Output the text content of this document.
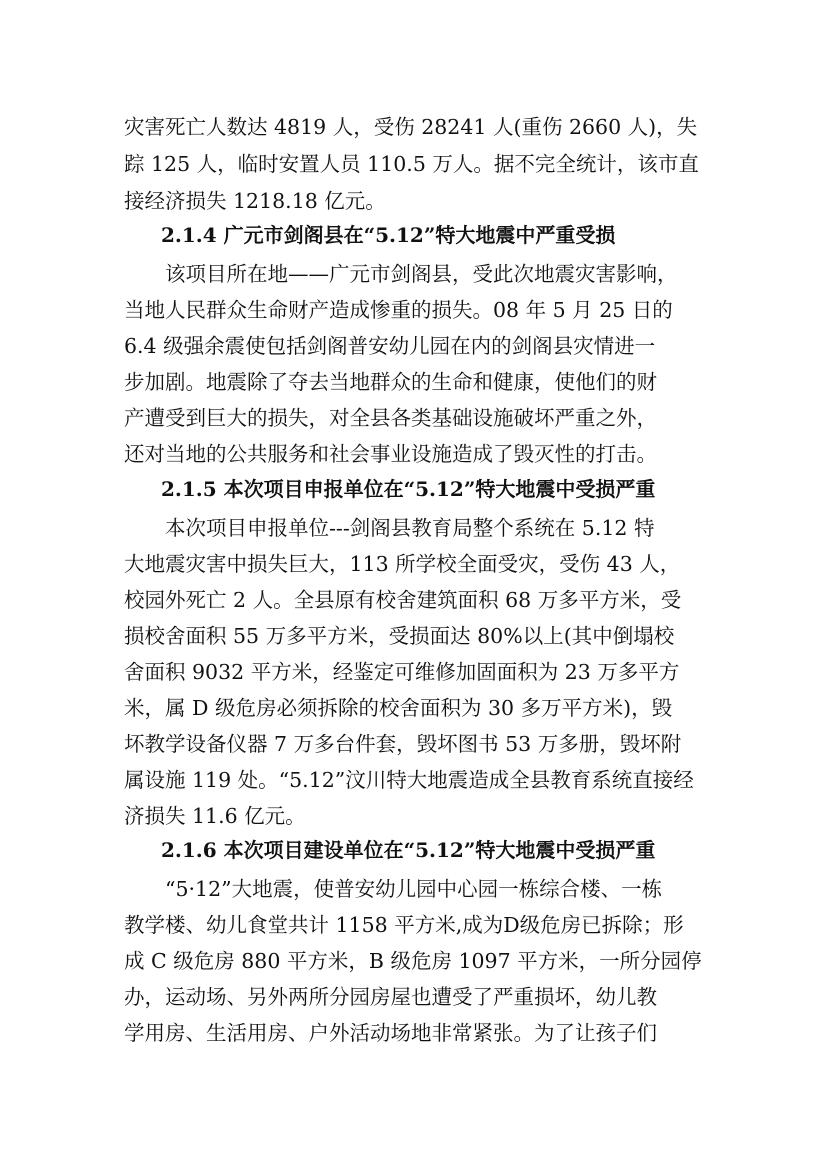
灾害死亡人数达 4819 人，受伤 28241 人(重伤 2660 人)，失
踪 125 人，临时安置人员 110.5 万人。据不完全统计，该市直
接经济损失 1218.18 亿元。
2.1.4 广元市剑阁县在“5.12”特大地震中严重受损
该项目所在地——广元市剑阁县，受此次地震灾害影响，
当地人民群众生命财产造成惨重的损失。08 年 5 月 25 日的
6.4 级强余震使包括剑阁普安幼儿园在内的剑阁县灾情进一
步加剧。地震除了夺去当地群众的生命和健康，使他们的财
产遭受到巨大的损失，对全县各类基础设施破坏严重之外，
还对当地的公共服务和社会事业设施造成了毁灭性的打击。
2.1.5 本次项目申报单位在“5.12”特大地震中受损严重
本次项目申报单位---剑阁县教育局整个系统在 5.12 特
大地震灾害中损失巨大，113 所学校全面受灾，受伤 43 人，
校园外死亡 2 人。全县原有校舍建筑面积 68 万多平方米，受
损校舍面积 55 万多平方米，受损面达 80%以上(其中倒塌校
舍面积 9032 平方米，经鉴定可维修加固面积为 23 万多平方
米，属 D 级危房必须拆除的校舍面积为 30 多万平方米)，毁
坏教学设备仪器 7 万多台件套，毁坏图书 53 万多册，毁坏附
属设施 119 处。“5.12”汶川特大地震造成全县教育系统直接经
济损失 11.6 亿元。
2.1.6 本次项目建设单位在“5.12”特大地震中受损严重
“5·12”大地震，使普安幼儿园中心园一栋综合楼、一栋
教学楼、幼儿食堂共计 1158 平方米,成为D级危房已拆除；形
成 C 级危房 880 平方米，B 级危房 1097 平方米，一所分园停
办，运动场、另外两所分园房屋也遭受了严重损坏，幼儿教
学用房、生活用房、户外活动场地非常紧张。为了让孩子们
